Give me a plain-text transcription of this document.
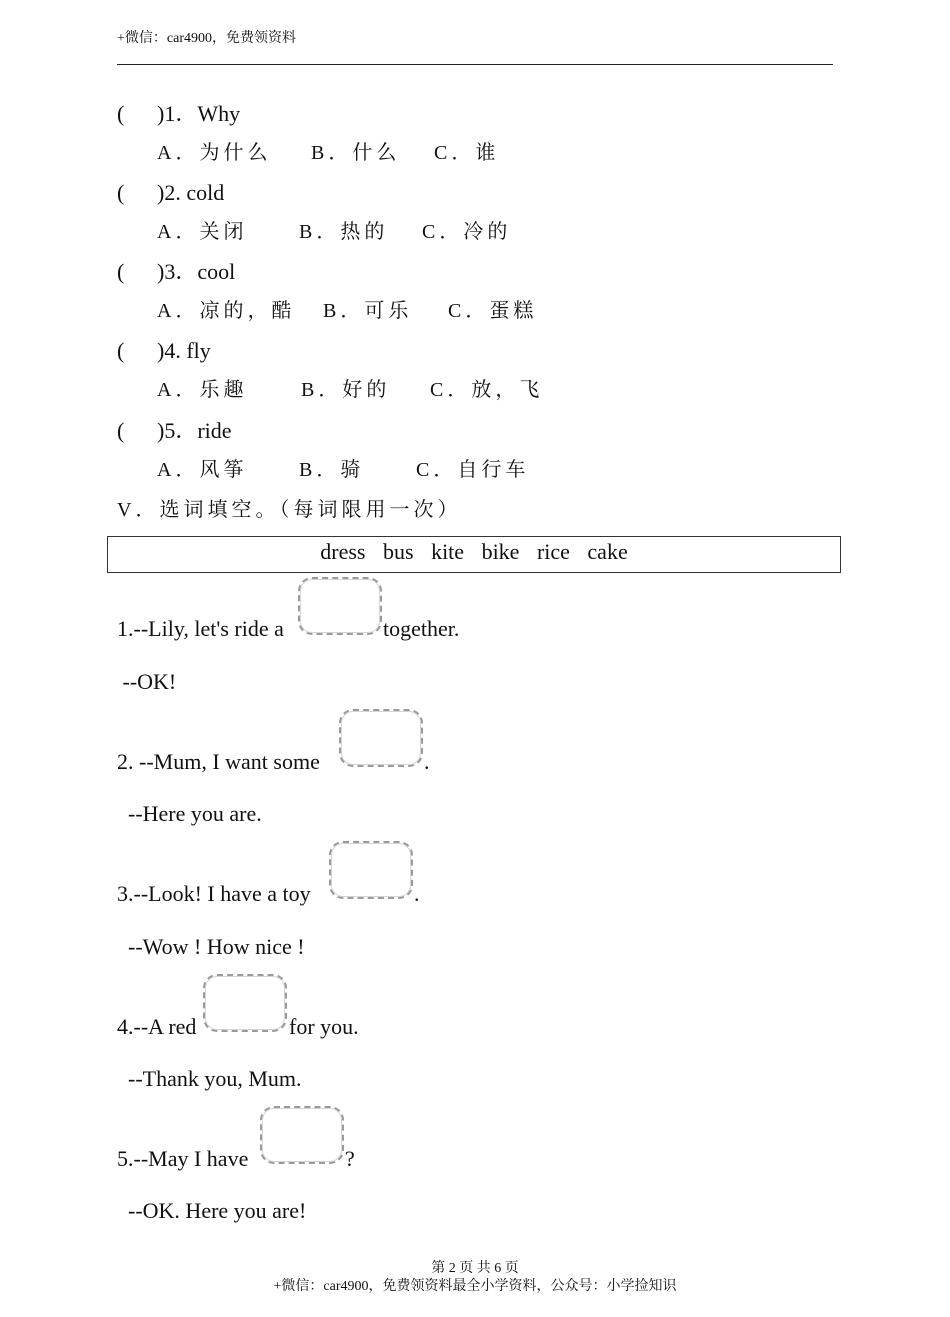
+微信：car4900，免费领资料
( )1．Why
A．为什么 B．什么 C．谁
( )2. cold
A．关闭	B．热的 C．冷的
( )3．cool
A．凉的，酷 B．可乐 C．蛋糕
( )4. fly
A．乐趣	B．好的 C．放，飞
( )5．ride
A．风筝	B．骑	C．自行车
V．选词填空。（每词限用一次）
dress bus kite bike rice cake
1.--Lily, let's ride a	together.
--OK!
2. --Mum, I want some	.
--Here you are.
3.--Look! I have a toy	.
--Wow ! How nice !
4.--A red	for you.
--Thank you, Mum.
5.--May I have	?
--OK. Here you are!
第 2 页 共 6 页
+微信：car4900，免费领资料最全小学资料，公众号：小学捡知识
